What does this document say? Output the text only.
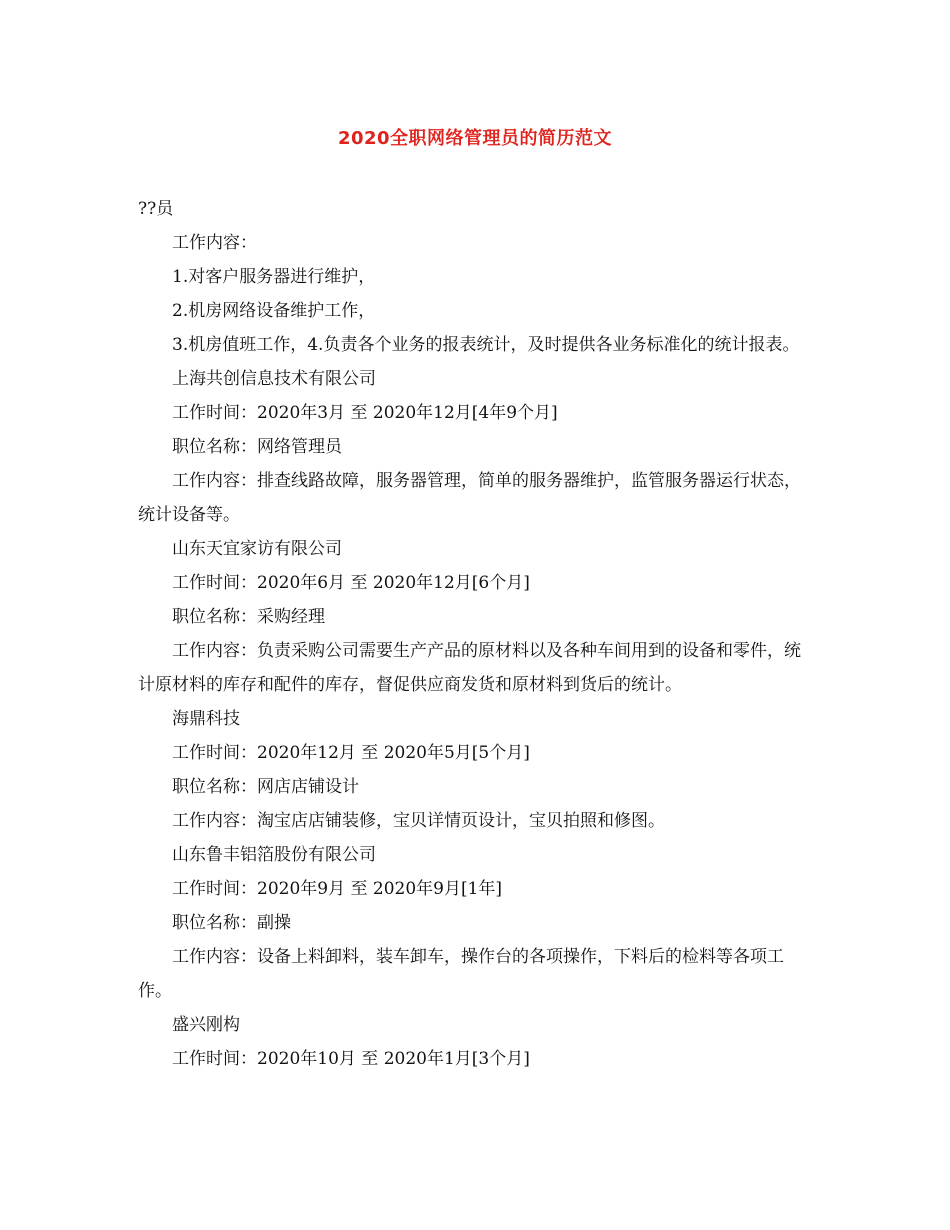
2020全职网络管理员的简历范文

??员

工作内容：

1.对客户服务器进行维护，

2.机房网络设备维护工作，

3.机房值班工作，4.负责各个业务的报表统计，及时提供各业务标准化的统计报表。

上海共创信息技术有限公司

工作时间：2020年3月 至 2020年12月[4年9个月]

职位名称：网络管理员

工作内容：排查线路故障，服务器管理，简单的服务器维护，监管服务器运行状态，统计设备等。

山东天宜家访有限公司

工作时间：2020年6月 至 2020年12月[6个月]

职位名称：采购经理

工作内容：负责采购公司需要生产产品的原材料以及各种车间用到的设备和零件，统计原材料的库存和配件的库存，督促供应商发货和原材料到货后的统计。

海鼎科技

工作时间：2020年12月 至 2020年5月[5个月]

职位名称：网店店铺设计

工作内容：淘宝店店铺装修，宝贝详情页设计，宝贝拍照和修图。

山东鲁丰铝箔股份有限公司

工作时间：2020年9月 至 2020年9月[1年]

职位名称：副操

工作内容：设备上料卸料，装车卸车，操作台的各项操作，下料后的检料等各项工作。

盛兴刚构

工作时间：2020年10月 至 2020年1月[3个月]
